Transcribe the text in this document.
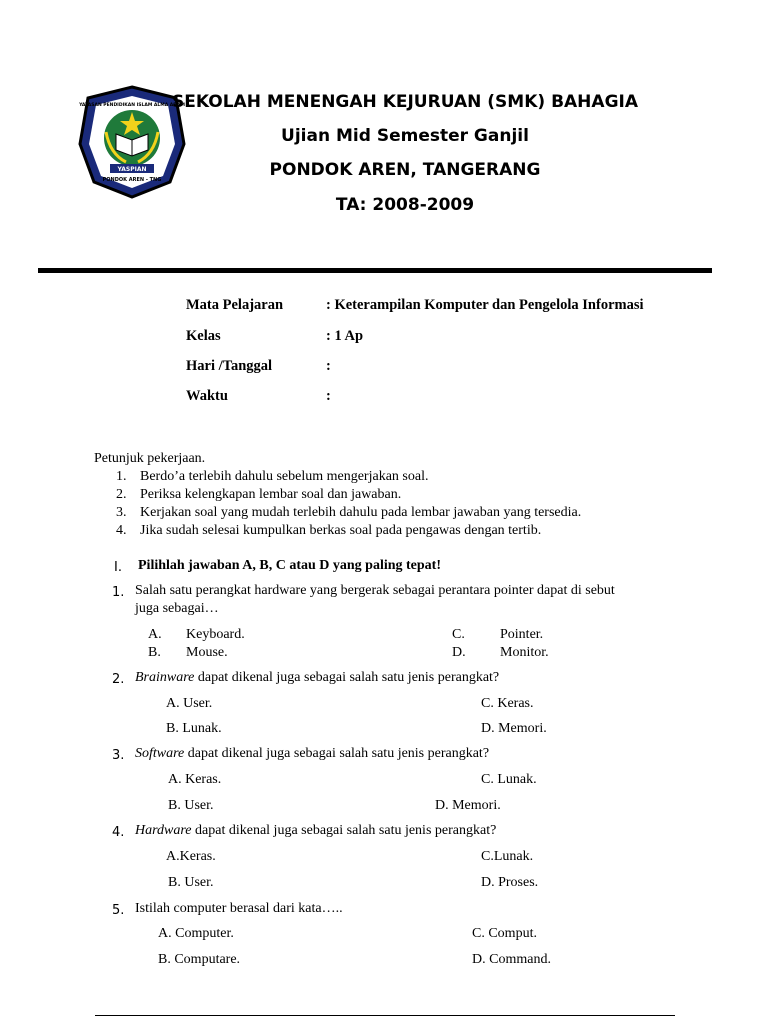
YASPIAN
PONDOK AREN - TNG
YAYASAN PENDIDIKAN ISLAM ALMA ADAM
SEKOLAH MENENGAH KEJURUAN (SMK) BAHAGIA
Ujian Mid Semester Ganjil
PONDOK AREN, TANGERANG
TA: 2008-2009
Mata Pelajaran	: Keterampilan Komputer dan Pengelola Informasi
Kelas	: 1 Ap
Hari /Tanggal	:
Waktu	:
Petunjuk pekerjaan.
1. Berdo’a terlebih dahulu sebelum mengerjakan soal.
2. Periksa kelengkapan lembar soal dan jawaban.
3. Kerjakan soal yang mudah terlebih dahulu pada lembar jawaban yang tersedia.
4. Jika sudah selesai kumpulkan berkas soal pada pengawas dengan tertib.
I. Pilihlah jawaban A, B, C atau D yang paling tepat!
1. Salah satu perangkat hardware yang bergerak sebagai perantara pointer dapat di sebut
juga sebagai…
A. Keyboard.	C.	Pointer.
B. Mouse.	D. Monitor.
2. Brainware dapat dikenal juga sebagai salah satu jenis perangkat?
A. User.	C. Keras.
B. Lunak.	D. Memori.
3. Software dapat dikenal juga sebagai salah satu jenis perangkat?
A. Keras.	C. Lunak.
B. User.	D. Memori.
4. Hardware dapat dikenal juga sebagai salah satu jenis perangkat?
A.Keras.	C.Lunak.
B. User.	D. Proses.
5. Istilah computer berasal dari kata…..
A. Computer.	C. Comput.
B. Computare.	D. Command.
